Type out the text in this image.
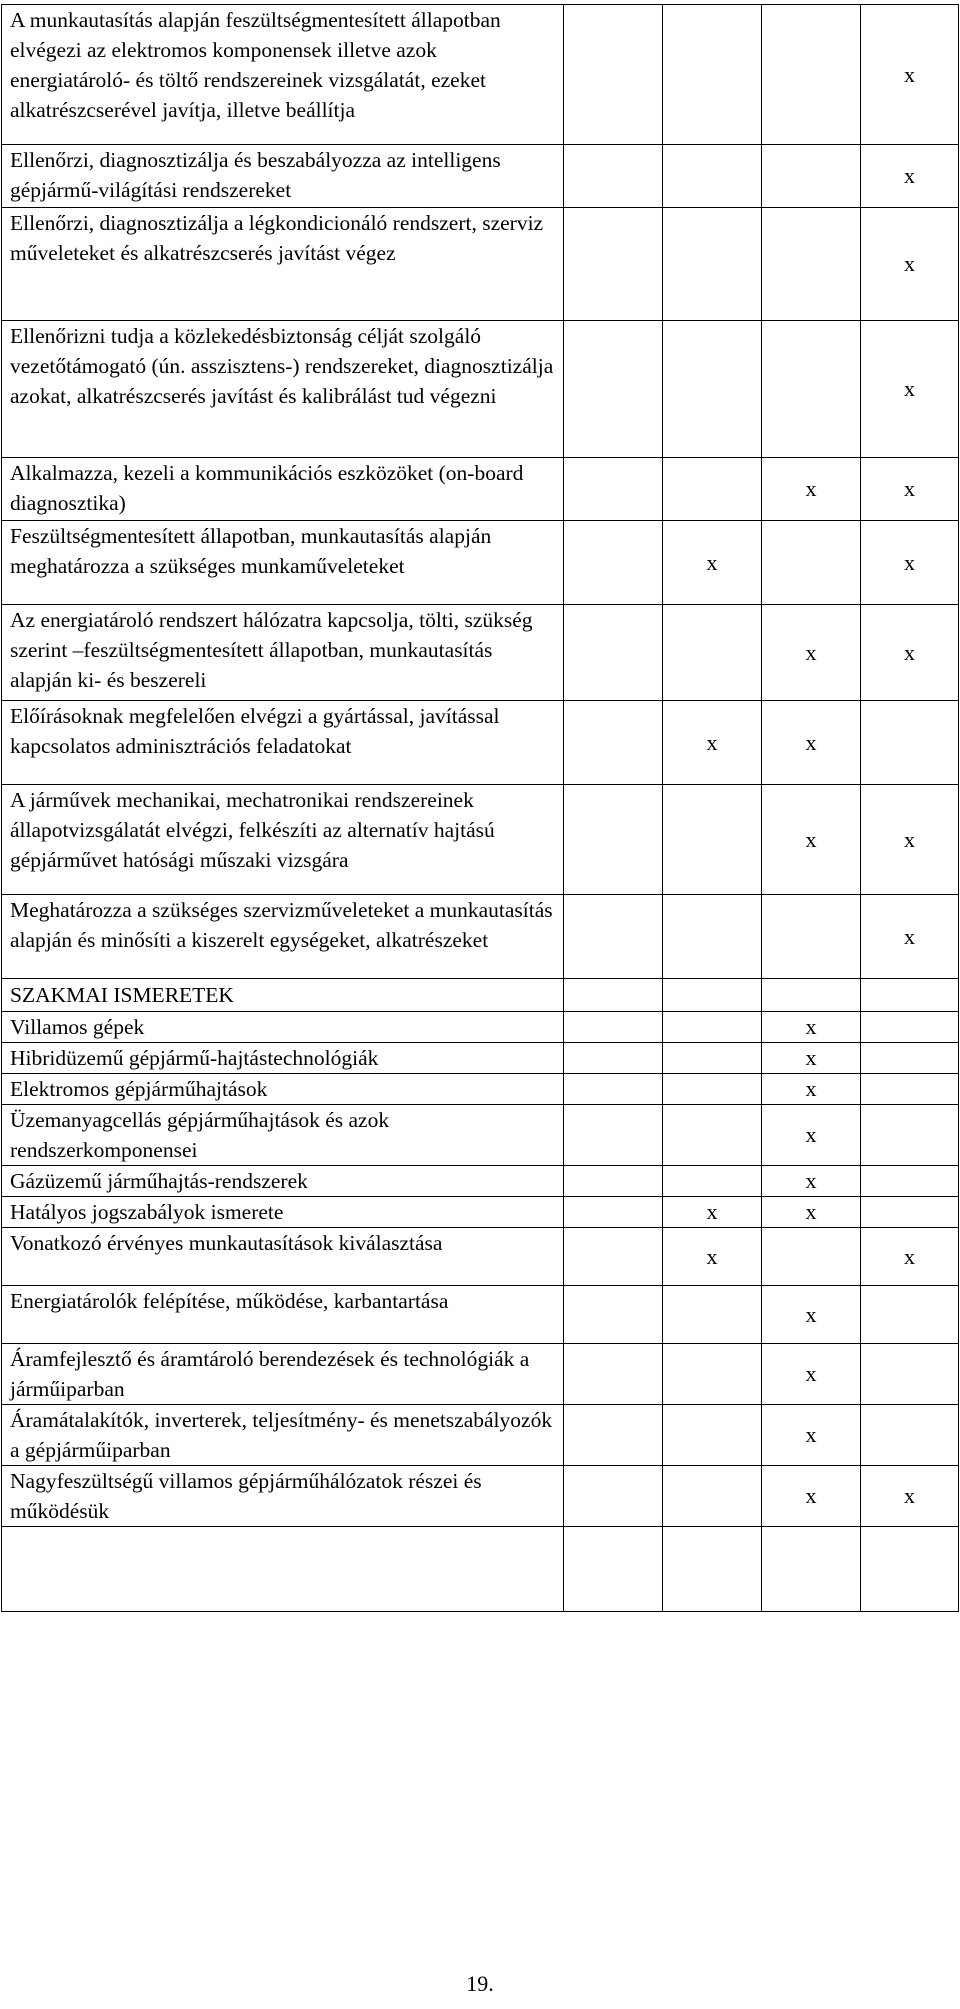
A munkautasítás alapján feszültségmentesített állapotban elvégezi az elektromos komponensek illetve azok energiatároló- és töltő rendszereinek vizsgálatát, ezeket alkatrészcserével javítja, illetve beállítja				x

Ellenőrzi, diagnosztizálja és beszabályozza az intelligens gépjármű-világítási rendszereket				x

Ellenőrzi, diagnosztizálja a légkondicionáló rendszert, szerviz műveleteket és alkatrészcserés javítást végez				x

Ellenőrizni tudja a közlekedésbiztonság célját szolgáló vezetőtámogató (ún. asszisztens-) rendszereket, diagnosztizálja azokat, alkatrészcserés javítást és kalibrálást tud végezni				x

Alkalmazza, kezeli a kommunikációs eszközöket (on-board diagnosztika)			x	x

Feszültségmentesített állapotban, munkautasítás alapján meghatározza a szükséges munkaműveleteket		x		x

Az energiatároló rendszert hálózatra kapcsolja, tölti, szükség szerint –feszültségmentesített állapotban, munkautasítás alapján ki- és beszereli			x	x

Előírásoknak megfelelően elvégzi a gyártással, javítással kapcsolatos adminisztrációs feladatokat		x	x	

A járművek mechanikai, mechatronikai rendszereinek állapotvizsgálatát elvégzi, felkészíti az alternatív hajtású gépjárművet hatósági műszaki vizsgára			x	x

Meghatározza a szükséges szervizműveleteket a munkautasítás alapján és minősíti a kiszerelt egységeket, alkatrészeket				x

SZAKMAI ISMERETEK				

Villamos gépek			x	

Hibridüzemű gépjármű-hajtástechnológiák			x	

Elektromos gépjárműhajtások			x	

Üzemanyagcellás gépjárműhajtások és azok rendszerkomponensei			x	

Gázüzemű járműhajtás-rendszerek			x	

Hatályos jogszabályok ismerete		x	x	

Vonatkozó érvényes munkautasítások kiválasztása		x		x

Energiatárolók felépítése, működése, karbantartása			x	

Áramfejlesztő és áramtároló berendezések és technológiák a járműiparban			x	

Áramátalakítók, inverterek, teljesítmény- és menetszabályozók a gépjárműiparban			x	

Nagyfeszültségű villamos gépjárműhálózatok részei és működésük			x	x

19.
